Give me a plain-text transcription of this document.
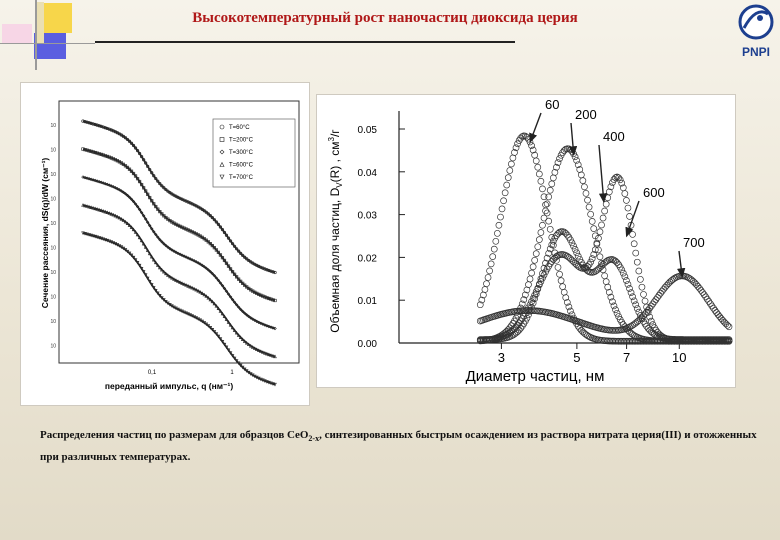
Высокотемпературный рост наночастиц диоксида церия
PNPI
10
10
10
10
10
10
10
10
10
10
0,1	1
переданный импульс, q (нм⁻¹)
Сечение рассеяния, dS(q)/dW (см⁻¹)
T=60°C
T=200°C
T=300°C
T=600°C
T=700°C
0.00
0.01
0.02
0.03
0.04
0.05
3	5	7	10
60
200
400
600
700
Диаметр частиц, нм
Объемная доля частиц, $D_V(R)$ , $см^3/г$
Распределения частиц по размерам для образцов CeO$_{2-x}$, синтезированных быстрым осаждением из раствора нитрата церия(III) и отожженных при различных температурах.
